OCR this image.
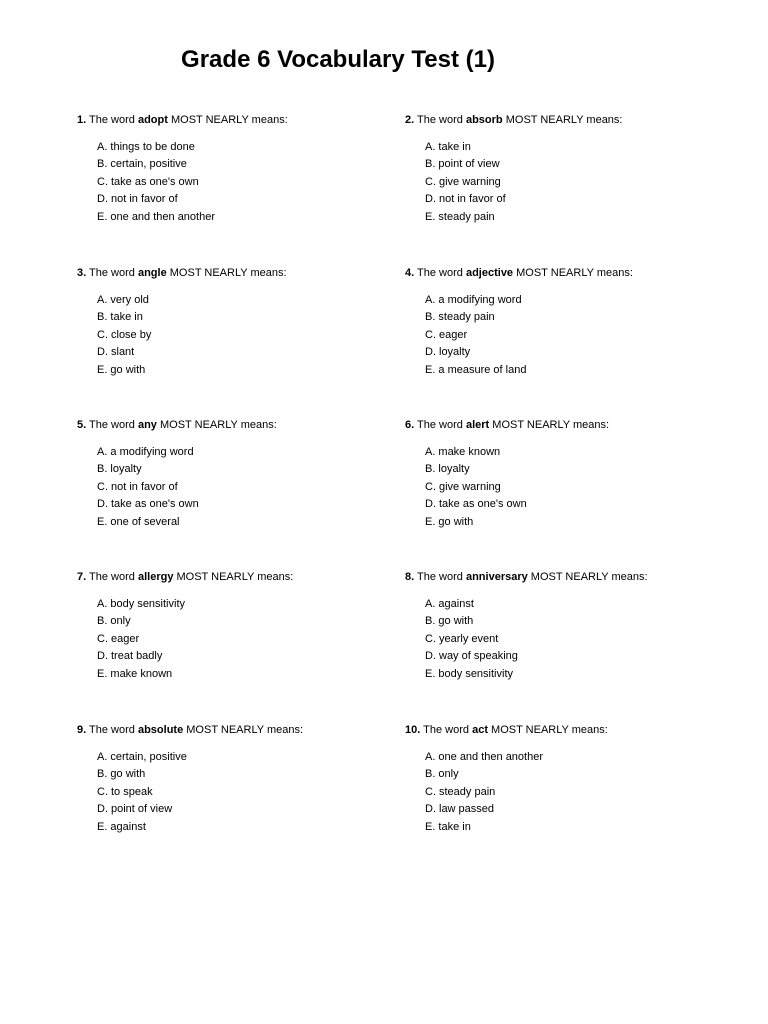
Grade 6 Vocabulary Test (1)
1. The word adopt MOST NEARLY means:
A. things to be done
B. certain, positive
C. take as one's own
D. not in favor of
E. one and then another
2. The word absorb MOST NEARLY means:
A. take in
B. point of view
C. give warning
D. not in favor of
E. steady pain
3. The word angle MOST NEARLY means:
A. very old
B. take in
C. close by
D. slant
E. go with
4. The word adjective MOST NEARLY means:
A. a modifying word
B. steady pain
C. eager
D. loyalty
E. a measure of land
5. The word any MOST NEARLY means:
A. a modifying word
B. loyalty
C. not in favor of
D. take as one's own
E. one of several
6. The word alert MOST NEARLY means:
A. make known
B. loyalty
C. give warning
D. take as one's own
E. go with
7. The word allergy MOST NEARLY means:
A. body sensitivity
B. only
C. eager
D. treat badly
E. make known
8. The word anniversary MOST NEARLY means:
A. against
B. go with
C. yearly event
D. way of speaking
E. body sensitivity
9. The word absolute MOST NEARLY means:
A. certain, positive
B. go with
C. to speak
D. point of view
E. against
10. The word act MOST NEARLY means:
A. one and then another
B. only
C. steady pain
D. law passed
E. take in
